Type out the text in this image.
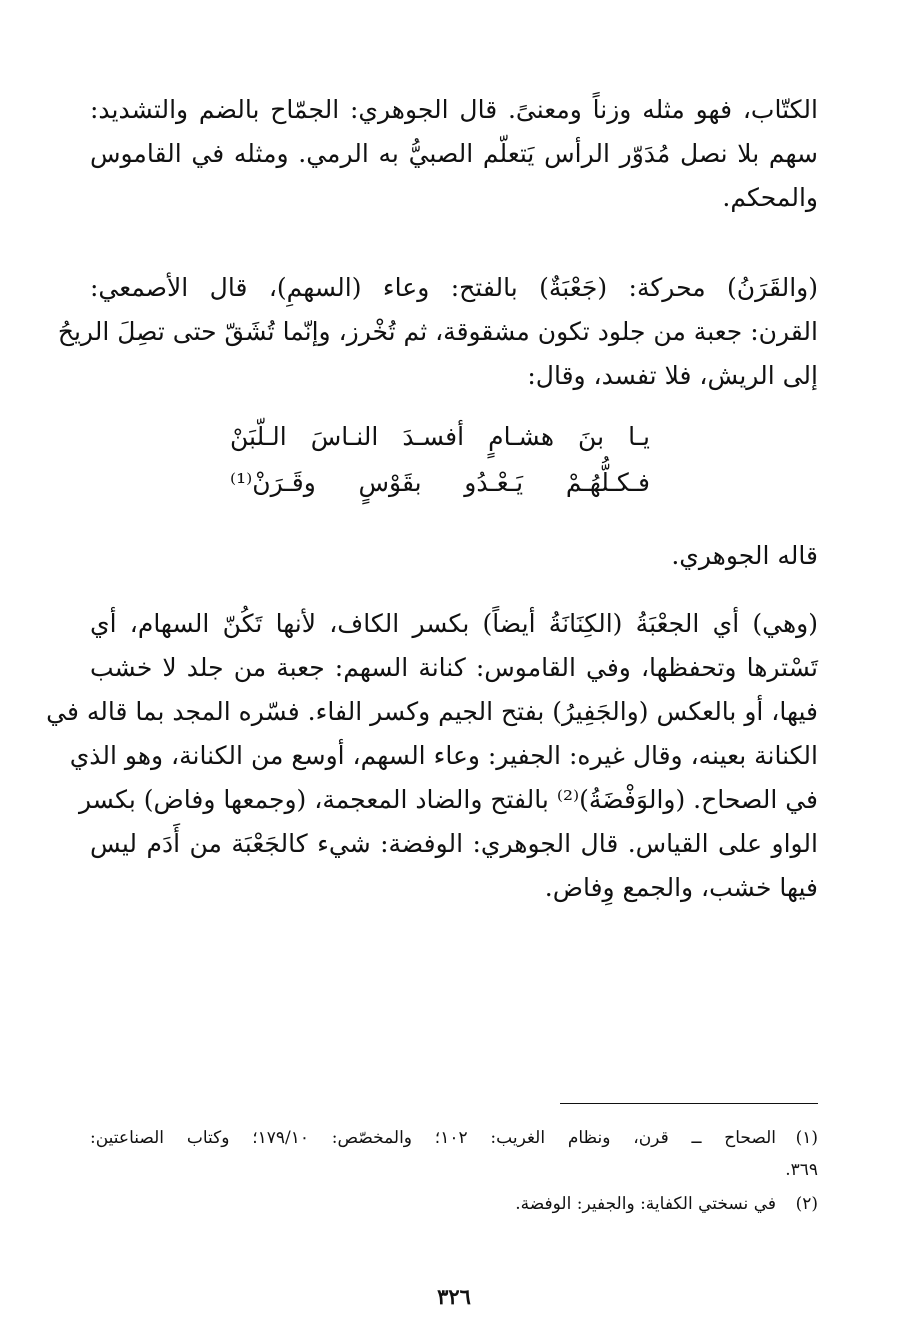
الكتّاب، فهو مثله وزناً ومعنىً. قال الجوهري: الجمّاح بالضم والتشديد:
سهم بلا نصل مُدَوّر الرأس يَتعلّم الصبيُّ به الرمي. ومثله في القاموس
والمحكم.
(والقَرَنُ) محركة: (جَعْبَةٌ) بالفتح: وعاء (السهمِ)، قال الأصمعي:
القرن: جعبة من جلود تكون مشقوقة، ثم تُخْرز، وإنّما تُشَقّ حتى تصِلَ الريحُ
إلى الريش، فلا تفسد، وقال:
يـا بنَ هشـامٍ أفسـدَ النـاسَ الـلّبَنْ
فـكـلُّهُـمْ يَـعْـدُو بقَوْسٍ وقَـرَنْ⁽¹⁾
قاله الجوهري.
(وهي) أي الجعْبَةُ (الكِنَانَةُ أيضاً) بكسر الكاف، لأنها تَكُنّ السهام، أي
تَسْترها وتحفظها، وفي القاموس: كنانة السهم: جعبة من جلد لا خشب
فيها، أو بالعكس (والجَفِيرُ) بفتح الجيم وكسر الفاء. فسّره المجد بما قاله في
الكنانة بعينه، وقال غيره: الجفير: وعاء السهم، أوسع من الكنانة، وهو الذي
في الصحاح. (والوَفْضَةُ)⁽²⁾ بالفتح والضاد المعجمة، (وجمعها وفاض) بكسر
الواو على القياس. قال الجوهري: الوفضة: شيء كالجَعْبَة من أَدَم ليس
فيها خشب، والجمع وِفاض.
(١)الصحاح ــ قرن، ونظام الغريب: ١٠٢؛ والمخصّص: ١٧٩/١٠؛ وكتاب الصناعتين:
٣٦٩.
(٢)في نسختي الكفاية: والجفير: الوفضة.
٣٢٦
